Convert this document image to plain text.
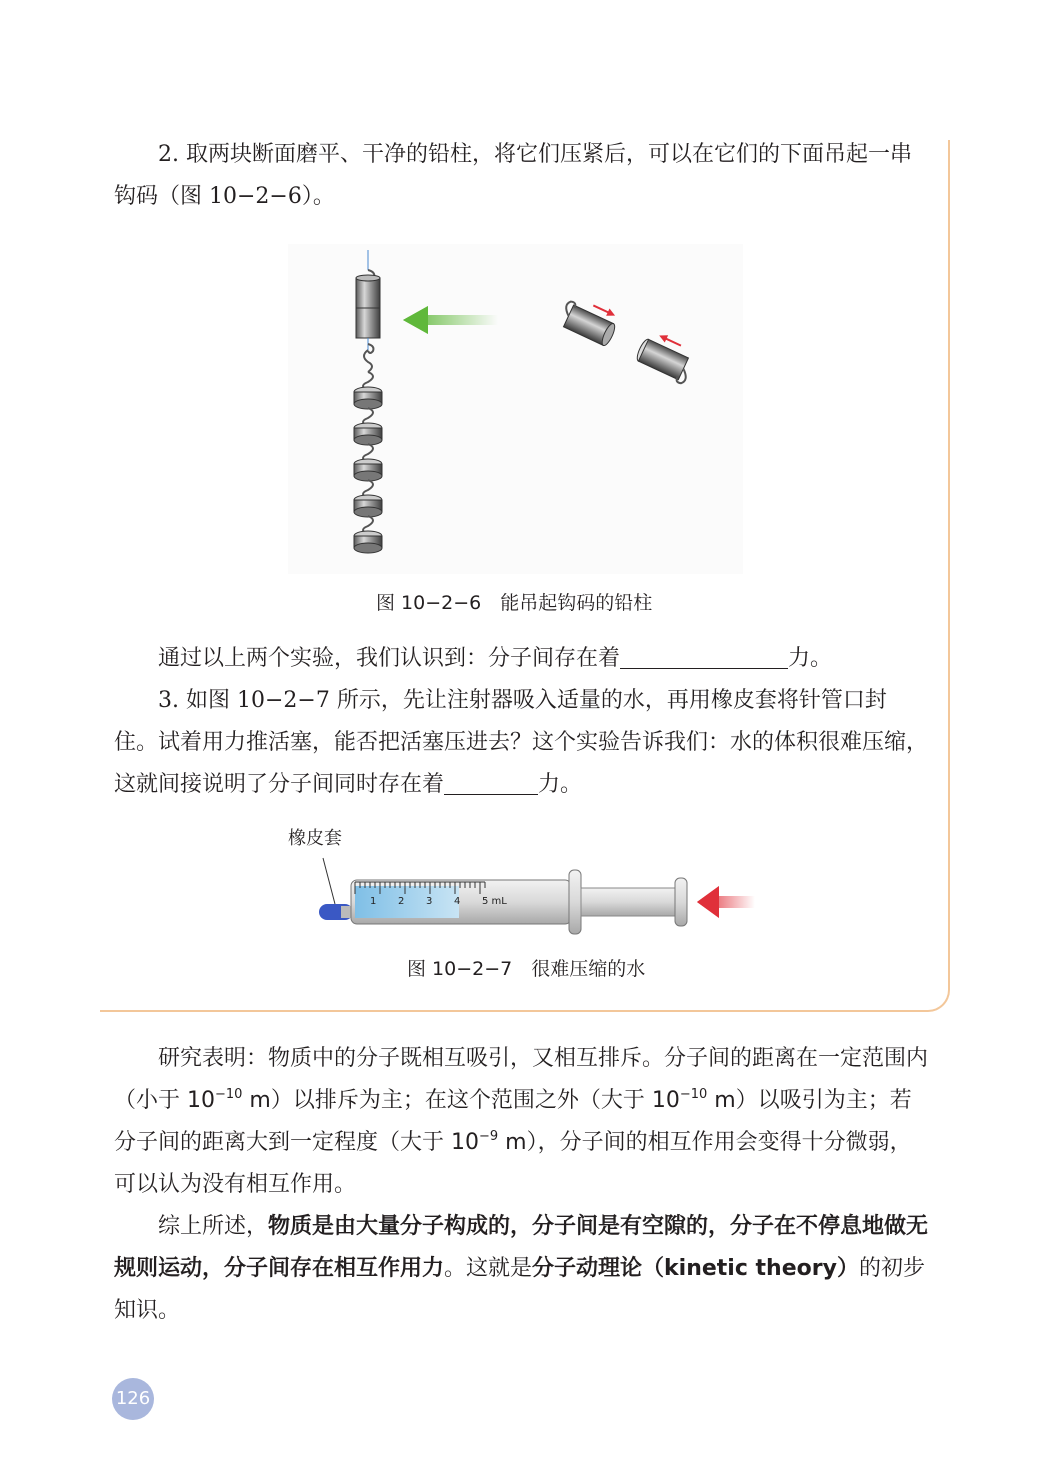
2. 取两块断面磨平、干净的铅柱，将它们压紧后，可以在它们的下面吊起一串钩码（图 10−2−6）。

图 10−2−6　能吊起钩码的铅柱

通过以上两个实验，我们认识到：分子间存在着	力。

3. 如图 10−2−7 所示，先让注射器吸入适量的水，再用橡皮套将针管口封住。试着用力推活塞，能否把活塞压进去？这个实验告诉我们：水的体积很难压缩，这就间接说明了分子间同时存在着	力。

橡皮套
1 2 3 4 5 mL
图 10−2−7　很难压缩的水

研究表明：物质中的分子既相互吸引，又相互排斥。分子间的距离在一定范围内（小于 $10^{-10}$ m）以排斥为主；在这个范围之外（大于 $10^{-10}$ m）以吸引为主；若分子间的距离大到一定程度（大于 $10^{-9}$ m），分子间的相互作用会变得十分微弱，可以认为没有相互作用。

综上所述，物质是由大量分子构成的，分子间是有空隙的，分子在不停息地做无规则运动，分子间存在相互作用力。这就是分子动理论（kinetic theory）的初步知识。

126
